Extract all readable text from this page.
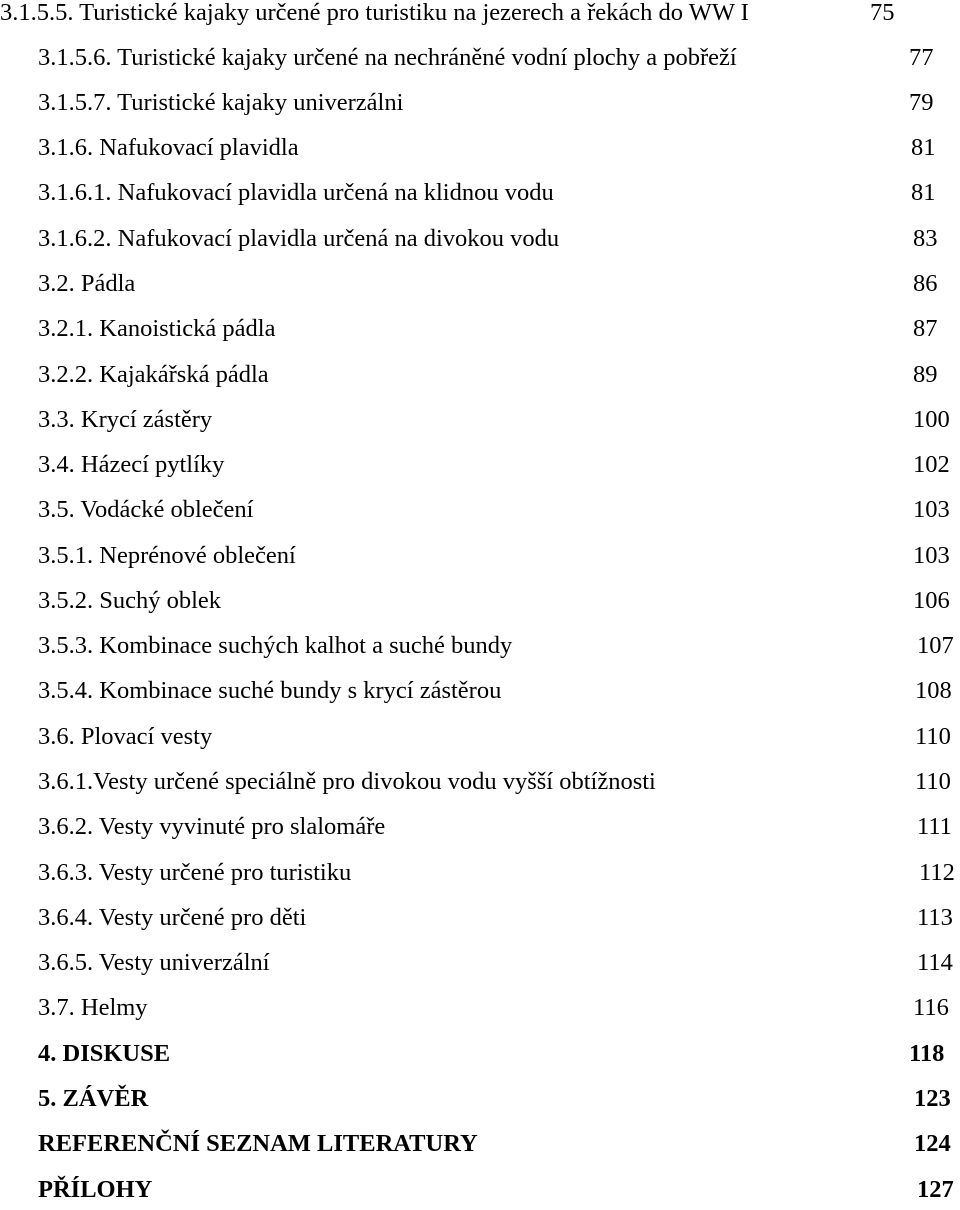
3.1.5.5. Turistické kajaky určené pro turistiku na jezerech a řekách do WW I	75
3.1.5.6. Turistické kajaky určené na nechráněné vodní plochy a pobřeží	77
3.1.5.7. Turistické kajaky univerzálni	79
3.1.6. Nafukovací plavidla	81
3.1.6.1. Nafukovací plavidla určená na klidnou vodu	81
3.1.6.2. Nafukovací plavidla určená na divokou vodu	83
3.2. Pádla	86
3.2.1. Kanoistická pádla	87
3.2.2. Kajakářská pádla	89
3.3. Krycí zástěry	100
3.4. Házecí pytlíky	102
3.5. Vodácké oblečení	103
3.5.1. Neprénové oblečení	103
3.5.2. Suchý oblek	106
3.5.3. Kombinace suchých kalhot a suché bundy	107
3.5.4. Kombinace suché bundy s krycí zástěrou	108
3.6. Plovací vesty	110
3.6.1.Vesty určené speciálně pro divokou vodu vyšší obtížnosti	110
3.6.2. Vesty vyvinuté pro slalomáře	111
3.6.3. Vesty určené pro turistiku	112
3.6.4. Vesty určené pro děti	113
3.6.5. Vesty univerzální	114
3.7. Helmy	116
4. DISKUSE	118
5. ZÁVĚR	123
REFERENČNÍ SEZNAM LITERATURY	124
PŘÍLOHY	127
